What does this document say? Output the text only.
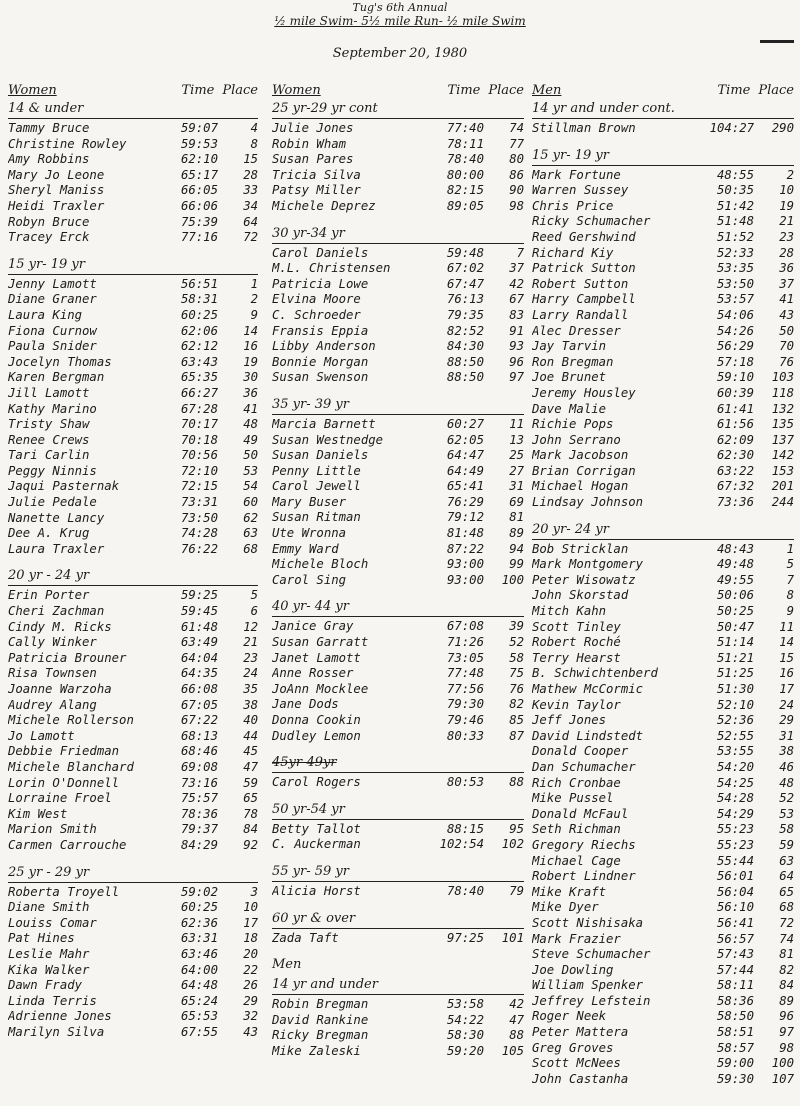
Tug's 6th Annual
½ mile Swim- 5½ mile Run- ½ mile Swim
September 20, 1980
Women	Time Place
14 & under
Tammy Bruce	59:07	4
Christine Rowley	59:53	8
Amy Robbins	62:10	15
Mary Jo Leone	65:17	28
Sheryl Maniss	66:05	33
Heidi Traxler	66:06	34
Robyn Bruce	75:39	64
Tracey Erck	77:16	72
15 yr- 19 yr
Jenny Lamott	56:51	1
Diane Graner	58:31	2
Laura King	60:25	9
Fiona Curnow	62:06	14
Paula Snider	62:12	16
Jocelyn Thomas	63:43	19
Karen Bergman	65:35	30
Jill Lamott	66:27	36
Kathy Marino	67:28	41
Tristy Shaw	70:17	48
Renee Crews	70:18	49
Tari Carlin	70:56	50
Peggy Ninnis	72:10	53
Jaqui Pasternak	72:15	54
Julie Pedale	73:31	60
Nanette Lancy	73:50	62
Dee A. Krug	74:28	63
Laura Traxler	76:22	68
20 yr - 24 yr
Erin Porter	59:25	5
Cheri Zachman	59:45	6
Cindy M. Ricks	61:48	12
Cally Winker	63:49	21
Patricia Brouner	64:04	23
Risa Townsen	64:35	24
Joanne Warzoha	66:08	35
Audrey Alang	67:05	38
Michele Rollerson	67:22	40
Jo Lamott	68:13	44
Debbie Friedman	68:46	45
Michele Blanchard	69:08	47
Lorin O'Donnell	73:16	59
Lorraine Froel	75:57	65
Kim West	78:36	78
Marion Smith	79:37	84
Carmen Carrouche	84:29	92
25 yr - 29 yr
Roberta Troyell	59:02	3
Diane Smith	60:25	10
Louiss Comar	62:36	17
Pat Hines	63:31	18
Leslie Mahr	63:46	20
Kika Walker	64:00	22
Dawn Frady	64:48	26
Linda Terris	65:24	29
Adrienne Jones	65:53	32
Marilyn Silva	67:55	43
Women	Time Place
25 yr-29 yr cont
Julie Jones	77:40	74
Robin Wham	78:11	77
Susan Pares	78:40	80
Tricia Silva	80:00	86
Patsy Miller	82:15	90
Michele Deprez	89:05	98
30 yr-34 yr
Carol Daniels	59:48	7
M.L. Christensen	67:02	37
Patricia Lowe	67:47	42
Elvina Moore	76:13	67
C. Schroeder	79:35	83
Fransis Eppia	82:52	91
Libby Anderson	84:30	93
Bonnie Morgan	88:50	96
Susan Swenson	88:50	97
35 yr- 39 yr
Marcia Barnett	60:27	11
Susan Westnedge	62:05	13
Susan Daniels	64:47	25
Penny Little	64:49	27
Carol Jewell	65:41	31
Mary Buser	76:29	69
Susan Ritman	79:12	81
Ute Wronna	81:48	89
Emmy Ward	87:22	94
Michele Bloch	93:00	99
Carol Sing	93:00	100
40 yr- 44 yr
Janice Gray	67:08	39
Susan Garratt	71:26	52
Janet Lamott	73:05	58
Anne Rosser	77:48	75
JoAnn Mocklee	77:56	76
Jane Dods	79:30	82
Donna Cookin	79:46	85
Dudley Lemon	80:33	87
45yr-49yr
Carol Rogers	80:53	88
50 yr-54 yr
Betty Tallot	88:15	95
C. Auckerman	102:54	102
55 yr- 59 yr
Alicia Horst	78:40	79
60 yr & over
Zada Taft	97:25	101
Men
14 yr and under
Robin Bregman	53:58	42
David Rankine	54:22	47
Ricky Bregman	58:30	88
Mike Zaleski	59:20	105
Men	Time Place
14 yr and under cont.
Stillman Brown	104:27	290
15 yr- 19 yr
Mark Fortune	48:55	2
Warren Sussey	50:35	10
Chris Price	51:42	19
Ricky Schumacher	51:48	21
Reed Gershwind	51:52	23
Richard Kiy	52:33	28
Patrick Sutton	53:35	36
Robert Sutton	53:50	37
Harry Campbell	53:57	41
Larry Randall	54:06	43
Alec Dresser	54:26	50
Jay Tarvin	56:29	70
Ron Bregman	57:18	76
Joe Brunet	59:10	103
Jeremy Housley	60:39	118
Dave Malie	61:41	132
Richie Pops	61:56	135
John Serrano	62:09	137
Mark Jacobson	62:30	142
Brian Corrigan	63:22	153
Michael Hogan	67:32	201
Lindsay Johnson	73:36	244
20 yr- 24 yr
Bob Stricklan	48:43	1
Mark Montgomery	49:48	5
Peter Wisowatz	49:55	7
John Skorstad	50:06	8
Mitch Kahn	50:25	9
Scott Tinley	50:47	11
Robert Roché	51:14	14
Terry Hearst	51:21	15
B. Schwichtenberd	51:25	16
Mathew McCormic	51:30	17
Kevin Taylor	52:10	24
Jeff Jones	52:36	29
David Lindstedt	52:55	31
Donald Cooper	53:55	38
Dan Schumacher	54:20	46
Rich Cronbae	54:25	48
Mike Pussel	54:28	52
Donald McFaul	54:29	53
Seth Richman	55:23	58
Gregory Riechs	55:23	59
Michael Cage	55:44	63
Robert Lindner	56:01	64
Mike Kraft	56:04	65
Mike Dyer	56:10	68
Scott Nishisaka	56:41	72
Mark Frazier	56:57	74
Steve Schumacher	57:43	81
Joe Dowling	57:44	82
William Spenker	58:11	84
Jeffrey Lefstein	58:36	89
Roger Neek	58:50	96
Peter Mattera	58:51	97
Greg Groves	58:57	98
Scott McNees	59:00	100
John Castanha	59:30	107
